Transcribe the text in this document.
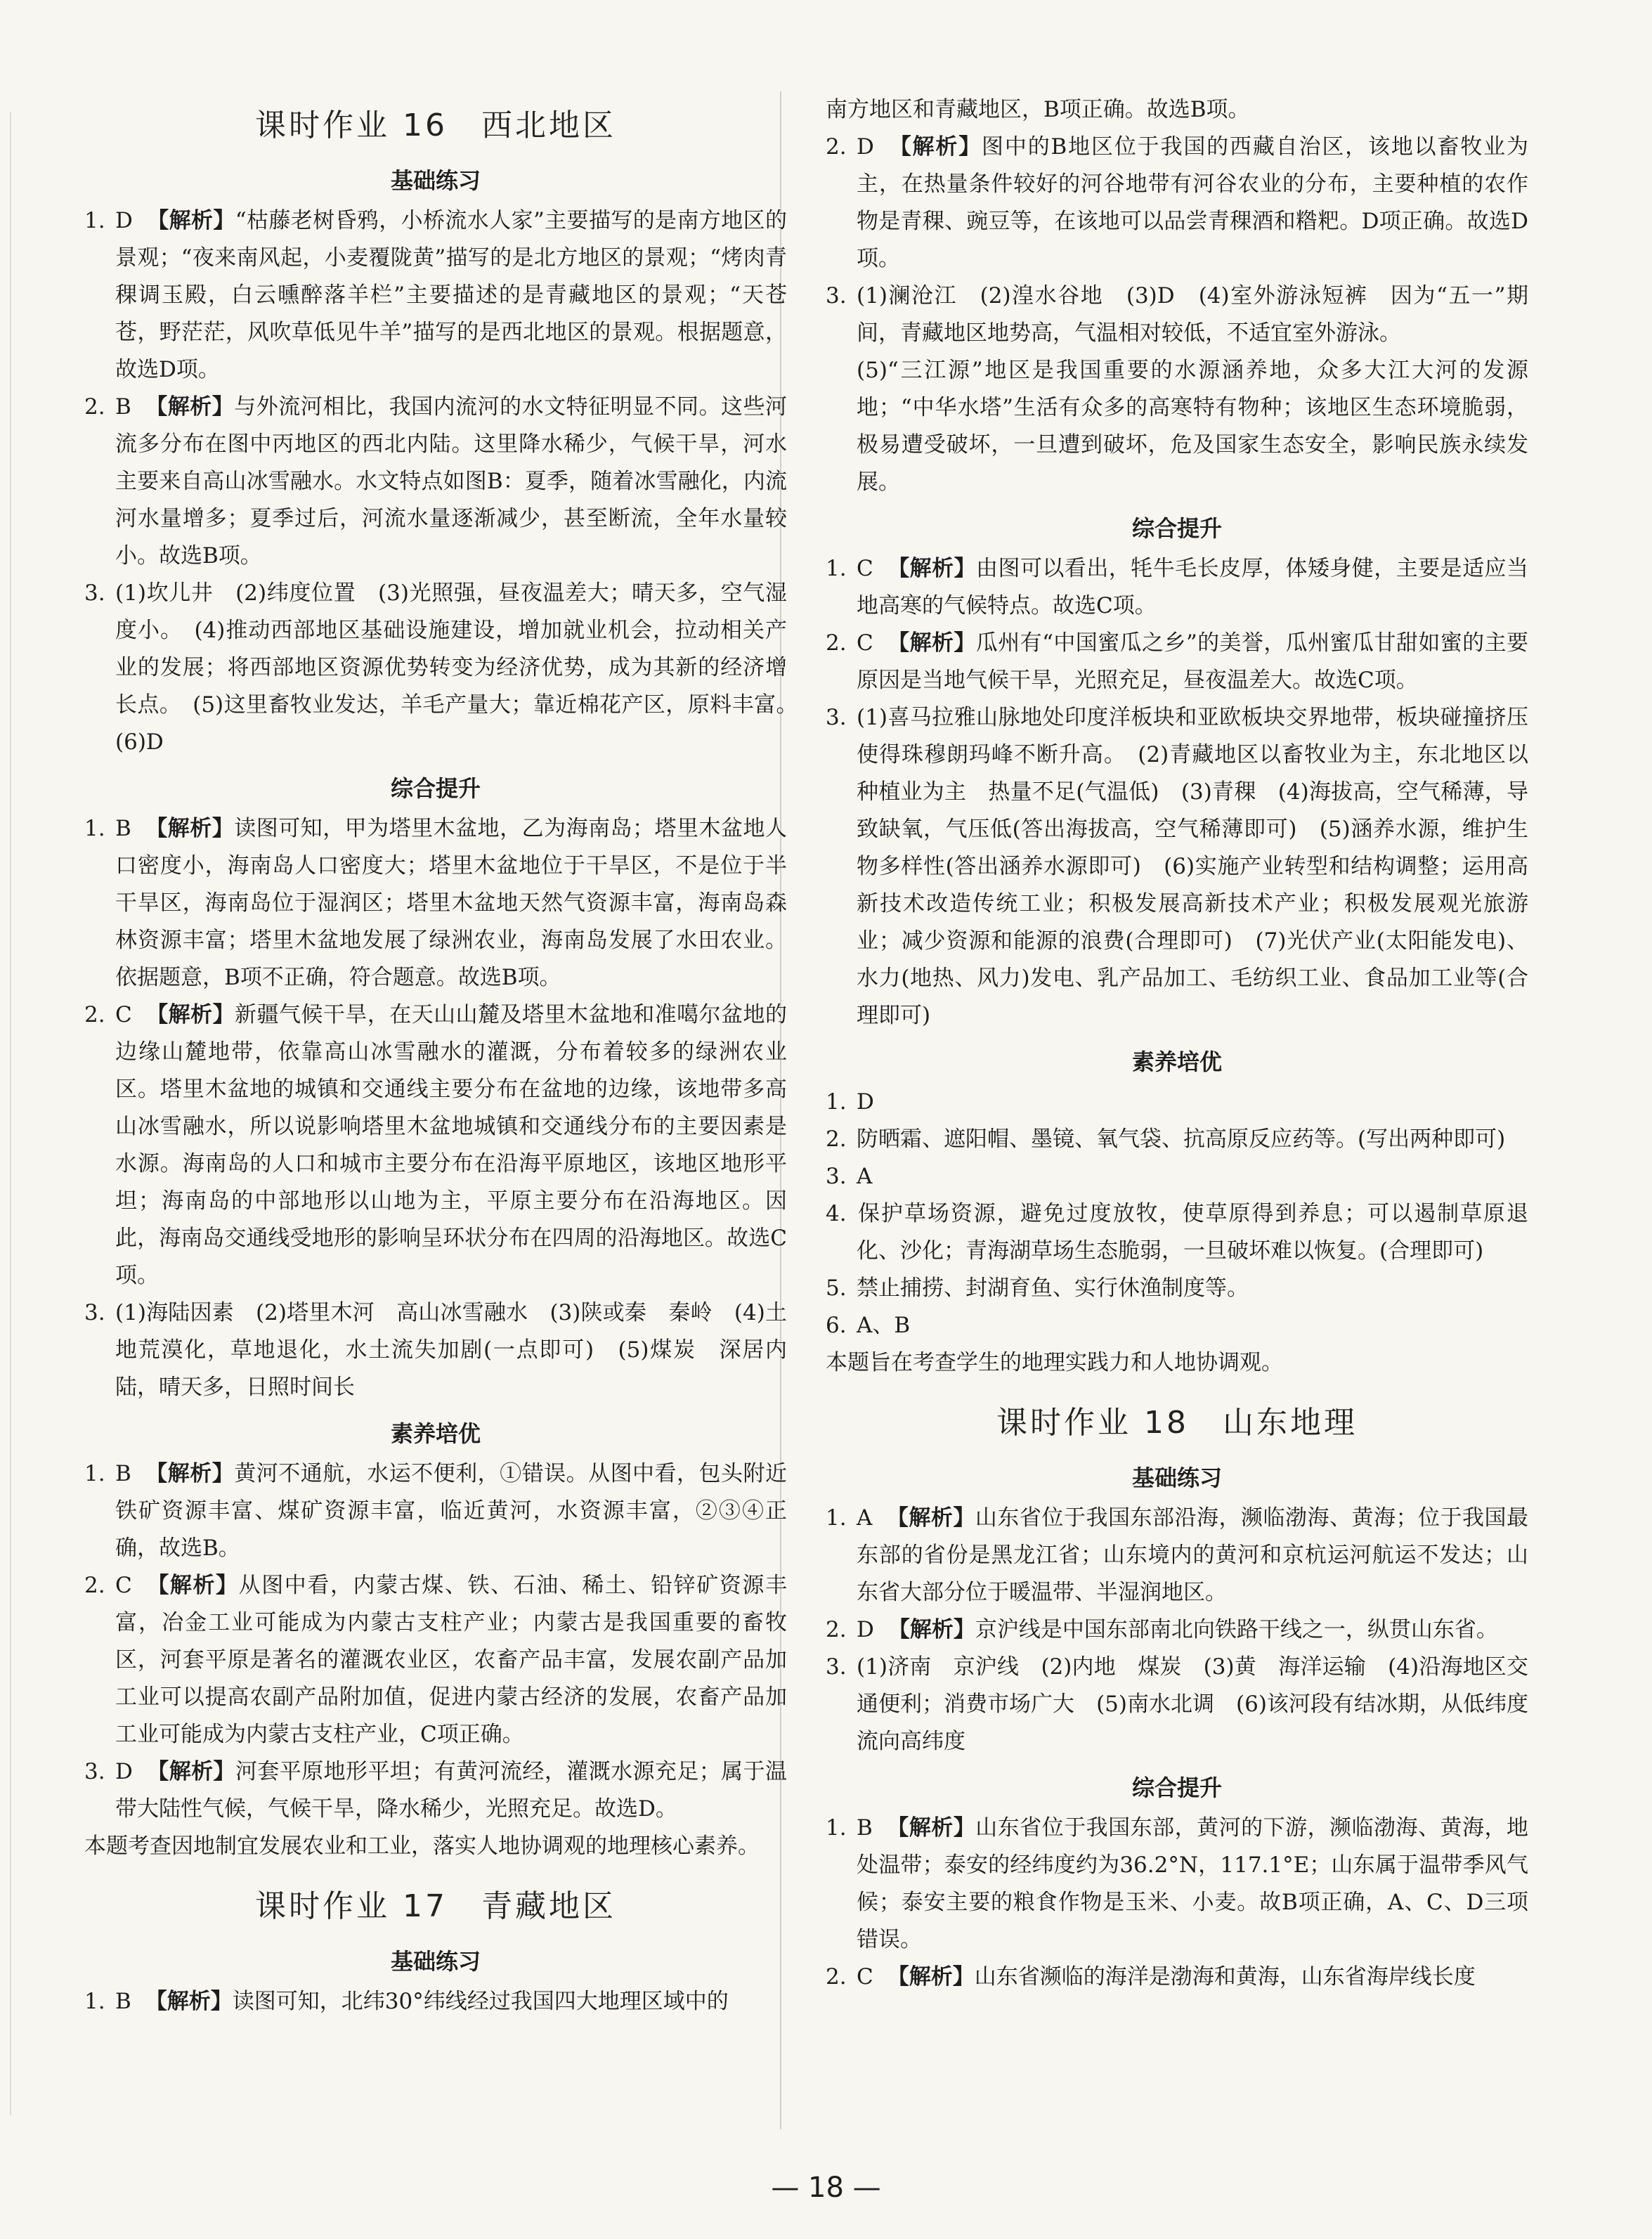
课时作业 16　西北地区
基础练习

1. D 【解析】“枯藤老树昏鸦，小桥流水人家”主要描写的是南方地区的景观；“夜来南风起，小麦覆陇黄”描写的是北方地区的景观；“烤肉青稞调玉殿，白云曛醉落羊栏”主要描述的是青藏地区的景观；“天苍苍，野茫茫，风吹草低见牛羊”描写的是西北地区的景观。根据题意，故选D项。

2. B 【解析】与外流河相比，我国内流河的水文特征明显不同。这些河流多分布在图中丙地区的西北内陆。这里降水稀少，气候干旱，河水主要来自高山冰雪融水。水文特点如图B：夏季，随着冰雪融化，内流河水量增多；夏季过后，河流水量逐渐减少，甚至断流，全年水量较小。故选B项。

3. (1)坎儿井　(2)纬度位置　(3)光照强，昼夜温差大；晴天多，空气湿度小。　(4)推动西部地区基础设施建设，增加就业机会，拉动相关产业的发展；将西部地区资源优势转变为经济优势，成为其新的经济增长点。　(5)这里畜牧业发达，羊毛产量大；靠近棉花产区，原料丰富。　(6)D

综合提升

1. B 【解析】读图可知，甲为塔里木盆地，乙为海南岛；塔里木盆地人口密度小，海南岛人口密度大；塔里木盆地位于干旱区，不是位于半干旱区，海南岛位于湿润区；塔里木盆地天然气资源丰富，海南岛森林资源丰富；塔里木盆地发展了绿洲农业，海南岛发展了水田农业。依据题意，B项不正确，符合题意。故选B项。

2. C 【解析】新疆气候干旱，在天山山麓及塔里木盆地和准噶尔盆地的边缘山麓地带，依靠高山冰雪融水的灌溉，分布着较多的绿洲农业区。塔里木盆地的城镇和交通线主要分布在盆地的边缘，该地带多高山冰雪融水，所以说影响塔里木盆地城镇和交通线分布的主要因素是水源。海南岛的人口和城市主要分布在沿海平原地区，该地区地形平坦；海南岛的中部地形以山地为主，平原主要分布在沿海地区。因此，海南岛交通线受地形的影响呈环状分布在四周的沿海地区。故选C项。

3. (1)海陆因素　(2)塔里木河　高山冰雪融水　(3)陕或秦　秦岭　(4)土地荒漠化，草地退化，水土流失加剧(一点即可)　(5)煤炭　深居内陆，晴天多，日照时间长

素养培优

1. B 【解析】黄河不通航，水运不便利，①错误。从图中看，包头附近铁矿资源丰富、煤矿资源丰富，临近黄河，水资源丰富，②③④正确，故选B。

2. C 【解析】从图中看，内蒙古煤、铁、石油、稀土、铅锌矿资源丰富，冶金工业可能成为内蒙古支柱产业；内蒙古是我国重要的畜牧区，河套平原是著名的灌溉农业区，农畜产品丰富，发展农副产品加工业可以提高农副产品附加值，促进内蒙古经济的发展，农畜产品加工业可能成为内蒙古支柱产业，C项正确。

3. D 【解析】河套平原地形平坦；有黄河流经，灌溉水源充足；属于温带大陆性气候，气候干旱，降水稀少，光照充足。故选D。

本题考查因地制宜发展农业和工业，落实人地协调观的地理核心素养。

课时作业 17　青藏地区
基础练习

1. B 【解析】读图可知，北纬30°纬线经过我国四大地理区域中的

南方地区和青藏地区，B项正确。故选B项。

2. D 【解析】图中的B地区位于我国的西藏自治区，该地以畜牧业为主，在热量条件较好的河谷地带有河谷农业的分布，主要种植的农作物是青稞、豌豆等，在该地可以品尝青稞酒和糌粑。D项正确。故选D项。

3. (1)澜沧江　(2)湟水谷地　(3)D　(4)室外游泳短裤　因为“五一”期间，青藏地区地势高，气温相对较低，不适宜室外游泳。

(5)“三江源”地区是我国重要的水源涵养地，众多大江大河的发源地；“中华水塔”生活有众多的高寒特有物种；该地区生态环境脆弱，极易遭受破坏，一旦遭到破坏，危及国家生态安全，影响民族永续发展。

综合提升

1. C 【解析】由图可以看出，牦牛毛长皮厚，体矮身健，主要是适应当地高寒的气候特点。故选C项。

2. C 【解析】瓜州有“中国蜜瓜之乡”的美誉，瓜州蜜瓜甘甜如蜜的主要原因是当地气候干旱，光照充足，昼夜温差大。故选C项。

3. (1)喜马拉雅山脉地处印度洋板块和亚欧板块交界地带，板块碰撞挤压使得珠穆朗玛峰不断升高。　(2)青藏地区以畜牧业为主，东北地区以种植业为主　热量不足(气温低)　(3)青稞　(4)海拔高，空气稀薄，导致缺氧，气压低(答出海拔高，空气稀薄即可)　(5)涵养水源，维护生物多样性(答出涵养水源即可)　(6)实施产业转型和结构调整；运用高新技术改造传统工业；积极发展高新技术产业；积极发展观光旅游业；减少资源和能源的浪费(合理即可)　(7)光伏产业(太阳能发电)、水力(地热、风力)发电、乳产品加工、毛纺织工业、食品加工业等(合理即可)

素养培优

1. D

2. 防晒霜、遮阳帽、墨镜、氧气袋、抗高原反应药等。(写出两种即可)

3. A

4. 保护草场资源，避免过度放牧，使草原得到养息；可以遏制草原退化、沙化；青海湖草场生态脆弱，一旦破坏难以恢复。(合理即可)

5. 禁止捕捞、封湖育鱼、实行休渔制度等。

6. A、B

本题旨在考查学生的地理实践力和人地协调观。

课时作业 18　山东地理
基础练习

1. A 【解析】山东省位于我国东部沿海，濒临渤海、黄海；位于我国最东部的省份是黑龙江省；山东境内的黄河和京杭运河航运不发达；山东省大部分位于暖温带、半湿润地区。

2. D 【解析】京沪线是中国东部南北向铁路干线之一，纵贯山东省。

3. (1)济南　京沪线　(2)内地　煤炭　(3)黄　海洋运输　(4)沿海地区交通便利；消费市场广大　(5)南水北调　(6)该河段有结冰期，从低纬度流向高纬度

综合提升

1. B 【解析】山东省位于我国东部，黄河的下游，濒临渤海、黄海，地处温带；泰安的经纬度约为36.2°N，117.1°E；山东属于温带季风气候；泰安主要的粮食作物是玉米、小麦。故B项正确，A、C、D三项错误。

2. C 【解析】山东省濒临的海洋是渤海和黄海，山东省海岸线长度

— 18 —
